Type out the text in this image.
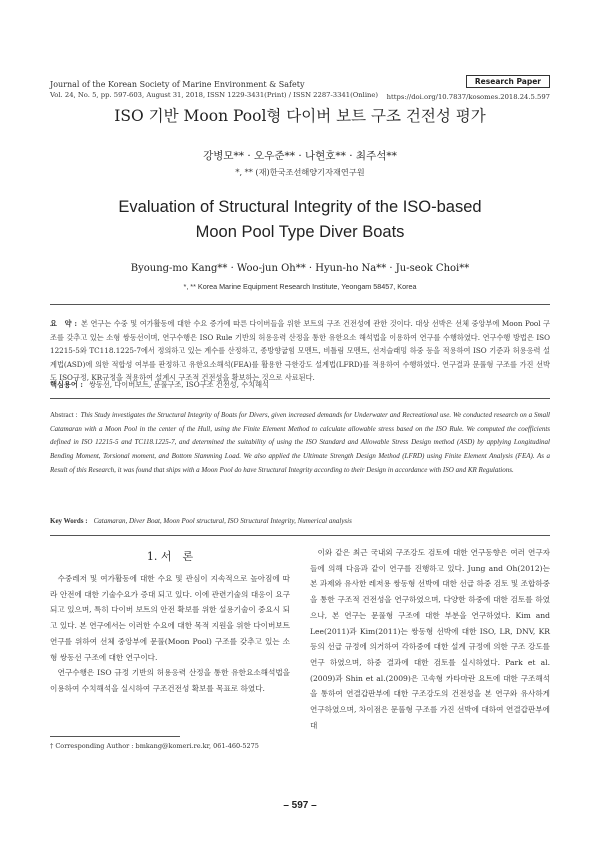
Journal of the Korean Society of Marine Environment & Safety
Vol. 24, No. 5, pp. 597-603, August 31, 2018, ISSN 1229-3431(Print) / ISSN 2287-3341(Online)
Research Paper
https://doi.org/10.7837/kosomes.2018.24.5.597
ISO 기반 Moon Pool형 다이버 보트 구조 건전성 평가
강병모** · 오우준** · 나현호** · 최주석**
*, ** (재)한국조선해양기자재연구원
Evaluation of Structural Integrity of the ISO-based
Moon Pool Type Diver Boats
Byoung-mo Kang** · Woo-jun Oh** · Hyun-ho Na** · Ju-seok Choi**
*, ** Korea Marine Equipment Research Institute, Yeongam 58457, Korea
요　약 : 본 연구는 수중 및 여가활동에 대한 수요 증가에 따른 다이버들을 위한 보트의 구조 건전성에 관한 것이다. 대상 선박은 선체 중앙부에 Moon Pool 구조를 갖추고 있는 소형 쌍동선이며, 연구수행은 ISO Rule 기반의 허용응력 산정을 통한 유한요소 해석법을 이용하여 연구를 수행하였다. 연구수행 방법은 ISO 12215-5와 TC118.1225-7에서 정의하고 있는 계수를 산정하고, 종방향굽힘 모멘트, 비틀림 모멘트, 선저슬래밍 하중 등을 적용하여 ISO 기준과 허용응력 설계법(ASD)에 의한 적합성 여부를 판정하고 유한요소해석(FEA)를 활용한 극한강도 설계법(LFRD)를 적용하여 수행하였다. 연구결과 문풀형 구조를 가진 선박도 ISO규정, KR규정을 적용하여 설계시 구조적 건전성을 확보하는 것으로 사료된다.
핵심용어 : 쌍동선, 다이버보트, 문풀구조, ISO구조 건전성, 수치해석
Abstract : This Study investigates the Structural Integrity of Boats for Divers, given increased demands for Underwater and Recreational use. We conducted research on a Small Catamaran with a Moon Pool in the center of the Hull, using the Finite Element Method to calculate allowable stress based on the ISO Rule. We computed the coefficients defined in ISO 12215-5 and TC118.1225-7, and determined the suitability of using the ISO Standard and Allowable Stress Design method (ASD) by applying Longitudinal Bending Moment, Torsional moment, and Bottom Slamming Load. We also applied the Ultimate Strength Design Method (LFRD) using Finite Element Analysis (FEA). As a Result of this Research, it was found that ships with a Moon Pool do have Structural Integrity according to their Design in accordance with ISO and KR Regulations.
Key Words : Catamaran, Diver Boat, Moon Pool structural, ISO Structural Integrity, Numerical analysis
1. 서　론

수중레저 및 여가활동에 대한 수요 및 관심이 지속적으로 높아짐에 따라 안전에 대한 기술수요가 증대 되고 있다. 이에 관련기술의 대응이 요구되고 있으며, 특히 다이버 보트의 안전 확보를 위한 설용기술이 중요시 되고 있다. 본 연구에서는 이러한 수요에 대한 목적 지원을 위한 다이버보트 연구를 위하여 선체 중앙부에 문풀(Moon Pool) 구조를 갖추고 있는 소형 쌍동선 구조에 대한 연구이다.

연구수행은 ISO 규정 기반의 허용응력 산정을 통한 유한요소해석법을 이용하여 수치해석을 실시하여 구조건전성 확보를 목표로 하였다.

이와 같은 최근 국내외 구조강도 검토에 대한 연구동향은 여러 연구자들에 의해 다음과 같이 연구를 진행하고 있다. Jung and Oh(2012)는 본 과제와 유사한 레저용 쌍동형 선박에 대한 선급 하중 검토 및 조합하중을 통한 구조적 건전성을 연구하였으며, 다양한 하중에 대한 검토를 하였으나, 본 연구는 문풀형 구조에 대한 부분을 연구하였다. Kim and Lee(2011)과 Kim(2011)는 쌍동형 선박에 대한 ISO, LR, DNV, KR 등의 선급 규정에 의거하여 각하중에 대한 설계 규정에 의한 구조 강도를 연구 하였으며, 하중 결과에 대한 검토를 실시하였다. Park et al.(2009)과 Shin et al.(2009)은 고속형 카타마란 요트에 대한 구조해석을 통하여 연결갑판부에 대한 구조강도의 건전성을 본 연구와 유사하게 연구하였으며, 차이점은 문풀형 구조를 가진 선박에 대하여 연결갑판부에 대

† Corresponding Author : bmkang@komeri.re.kr, 061-460-5275
– 597 –
